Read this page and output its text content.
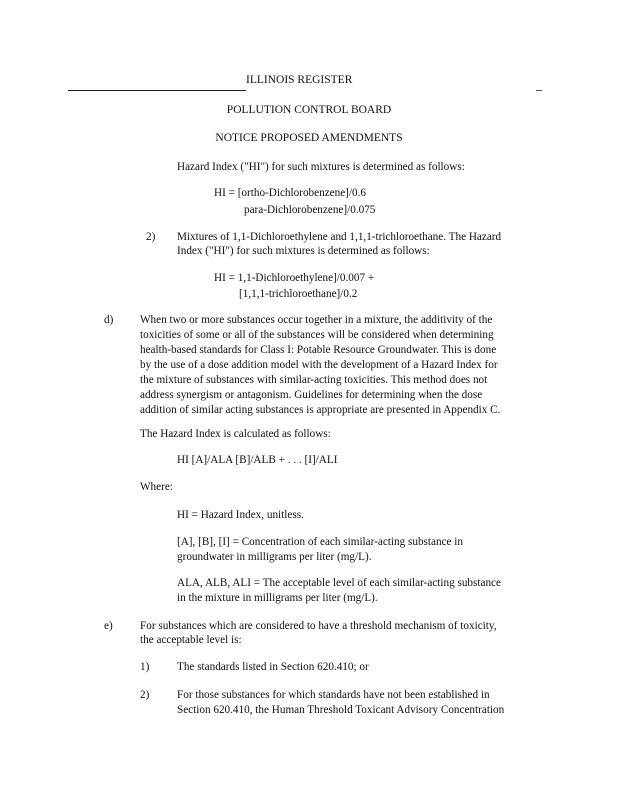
ILLINOIS REGISTER
POLLUTION CONTROL BOARD
NOTICE PROPOSED AMENDMENTS
Hazard Index ("HI") for such mixtures is determined as follows:
HI = [ortho-Dichlorobenzene]/0.6
para-Dichlorobenzene]/0.075
2) Mixtures of 1,1-Dichloroethylene and 1,1,1-trichloroethane. The Hazard
Index ("HI") for such mixtures is determined as follows:
HI = 1,1-Dichloroethylene]/0.007 +
[1,1,1-trichloroethane]/0.2
d) When two or more substances occur together in a mixture, the additivity of the
toxicities of some or all of the substances will be considered when determining
health-based standards for Class I: Potable Resource Groundwater. This is done
by the use of a dose addition model with the development of a Hazard Index for
the mixture of substances with similar-acting toxicities. This method does not
address synergism or antagonism. Guidelines for determining when the dose
addition of similar acting substances is appropriate are presented in Appendix C.
The Hazard Index is calculated as follows:
HI [A]/ALA [B]/ALB + . . . [I]/ALI
Where:
HI = Hazard Index, unitless.
[A], [B], [I] = Concentration of each similar-acting substance in
groundwater in milligrams per liter (mg/L).
ALA, ALB, ALI = The acceptable level of each similar-acting substance
in the mixture in milligrams per liter (mg/L).
e) For substances which are considered to have a threshold mechanism of toxicity,
the acceptable level is:
1) The standards listed in Section 620.410; or
2) For those substances for which standards have not been established in
Section 620.410, the Human Threshold Toxicant Advisory Concentration
